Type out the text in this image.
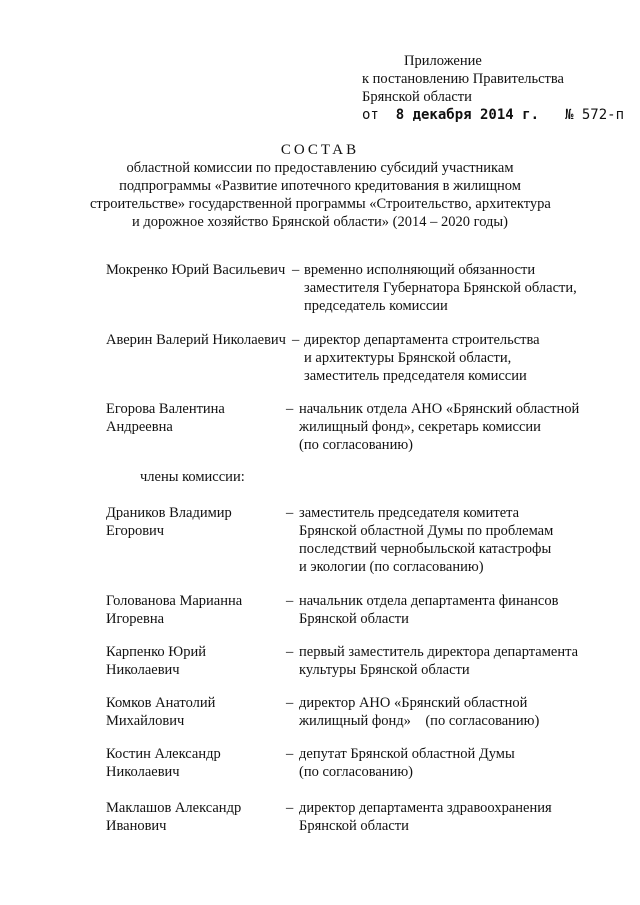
Приложение
к постановлению Правительства
Брянской области
от 8 декабря 2014 г. № 572-п
СОСТАВ
областной комиссии по предоставлению субсидий участникам
подпрограммы «Развитие ипотечного кредитования в жилищном
строительстве» государственной программы «Строительство, архитектура
и дорожное хозяйство Брянской области» (2014 – 2020 годы)
Мокренко Юрий Васильевич – временно исполняющий обязанности
заместителя Губернатора Брянской области,
председатель комиссии
Аверин Валерий Николаевич – директор департамента строительства
и архитектуры Брянской области,
заместитель председателя комиссии
Егорова Валентина
Андреевна
– начальник отдела АНО «Брянский областной
жилищный фонд», секретарь комиссии
(по согласованию)
члены комиссии:
Драников Владимир
Егорович
– заместитель председателя комитета
Брянской областной Думы по проблемам
последствий чернобыльской катастрофы
и экологии (по согласованию)
Голованова Марианна
Игоревна
– начальник отдела департамента финансов
Брянской области
Карпенко Юрий
Николаевич
– первый заместитель директора департамента
культуры Брянской области
Комков Анатолий
Михайлович
– директор АНО «Брянский областной
жилищный фонд»    (по согласованию)
Костин Александр
Николаевич
– депутат Брянской областной Думы
(по согласованию)
Маклашов Александр
Иванович
– директор департамента здравоохранения
Брянской области
